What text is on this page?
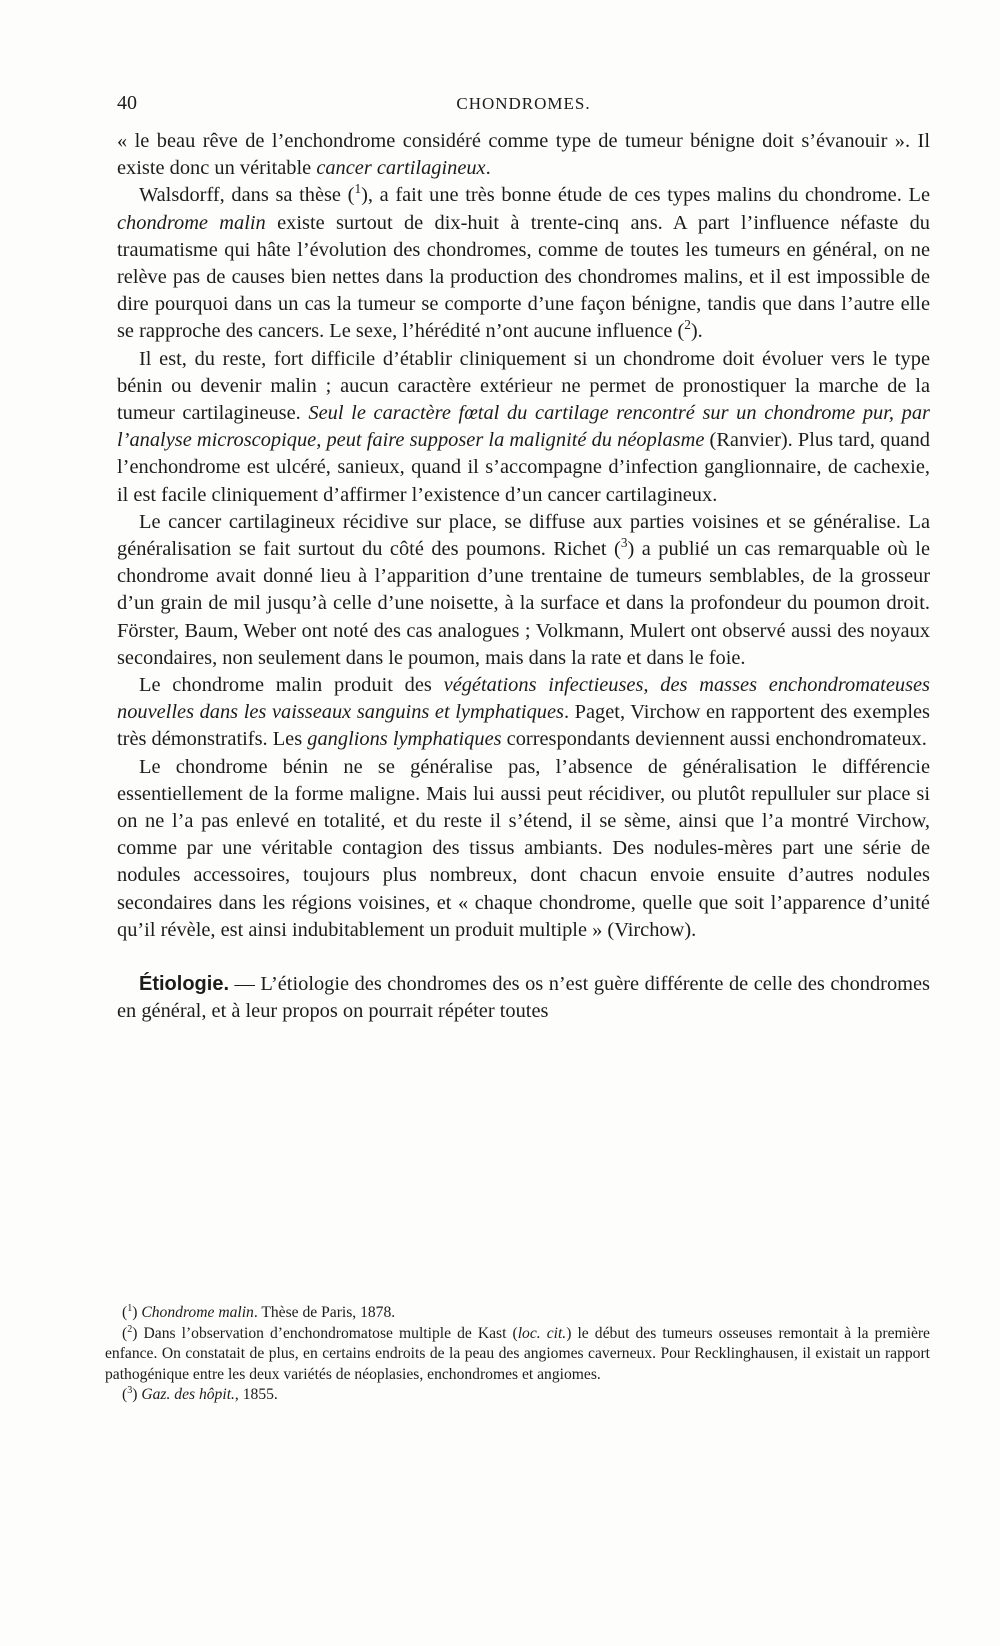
40	CHONDROMES.

« le beau rêve de l’enchondrome considéré comme type de tumeur bénigne doit s’évanouir ». Il existe donc un véritable cancer cartilagineux.

Walsdorff, dans sa thèse ($^1$), a fait une très bonne étude de ces types malins du chondrome. Le chondrome malin existe surtout de dix-huit à trente-cinq ans. A part l’influence néfaste du traumatisme qui hâte l’évolution des chondromes, comme de toutes les tumeurs en général, on ne relève pas de causes bien nettes dans la production des chondromes malins, et il est impossible de dire pourquoi dans un cas la tumeur se comporte d’une façon bénigne, tandis que dans l’autre elle se rapproche des cancers. Le sexe, l’hérédité n’ont aucune influence ($^2$).

Il est, du reste, fort difficile d’établir cliniquement si un chondrome doit évoluer vers le type bénin ou devenir malin ; aucun caractère extérieur ne permet de pronostiquer la marche de la tumeur cartilagineuse. Seul le caractère fœtal du cartilage rencontré sur un chondrome pur, par l’analyse microscopique, peut faire supposer la malignité du néoplasme (Ranvier). Plus tard, quand l’enchondrome est ulcéré, sanieux, quand il s’accompagne d’infection ganglionnaire, de cachexie, il est facile cliniquement d’affirmer l’existence d’un cancer cartilagineux.

Le cancer cartilagineux récidive sur place, se diffuse aux parties voisines et se généralise. La généralisation se fait surtout du côté des poumons. Richet ($^3$) a publié un cas remarquable où le chondrome avait donné lieu à l’apparition d’une trentaine de tumeurs semblables, de la grosseur d’un grain de mil jusqu’à celle d’une noisette, à la surface et dans la profondeur du poumon droit. Förster, Baum, Weber ont noté des cas analogues ; Volkmann, Mulert ont observé aussi des noyaux secondaires, non seulement dans le poumon, mais dans la rate et dans le foie.

Le chondrome malin produit des végétations infectieuses, des masses enchondromateuses nouvelles dans les vaisseaux sanguins et lymphatiques. Paget, Virchow en rapportent des exemples très démonstratifs. Les ganglions lymphatiques correspondants deviennent aussi enchondromateux.

Le chondrome bénin ne se généralise pas, l’absence de généralisation le différencie essentiellement de la forme maligne. Mais lui aussi peut récidiver, ou plutôt repulluler sur place si on ne l’a pas enlevé en totalité, et du reste il s’étend, il se sème, ainsi que l’a montré Virchow, comme par une véritable contagion des tissus ambiants. Des nodules-mères part une série de nodules accessoires, toujours plus nombreux, dont chacun envoie ensuite d’autres nodules secondaires dans les régions voisines, et « chaque chondrome, quelle que soit l’apparence d’unité qu’il révèle, est ainsi indubitablement un produit multiple » (Virchow).

Étiologie. — L’étiologie des chondromes des os n’est guère différente de celle des chondromes en général, et à leur propos on pourrait répéter toutes

($^1$) Chondrome malin. Thèse de Paris, 1878.

($^2$) Dans l’observation d’enchondromatose multiple de Kast (loc. cit.) le début des tumeurs osseuses remontait à la première enfance. On constatait de plus, en certains endroits de la peau des angiomes caverneux. Pour Recklinghausen, il existait un rapport pathogénique entre les deux variétés de néoplasies, enchondromes et angiomes.

($^3$) Gaz. des hôpit., 1855.
